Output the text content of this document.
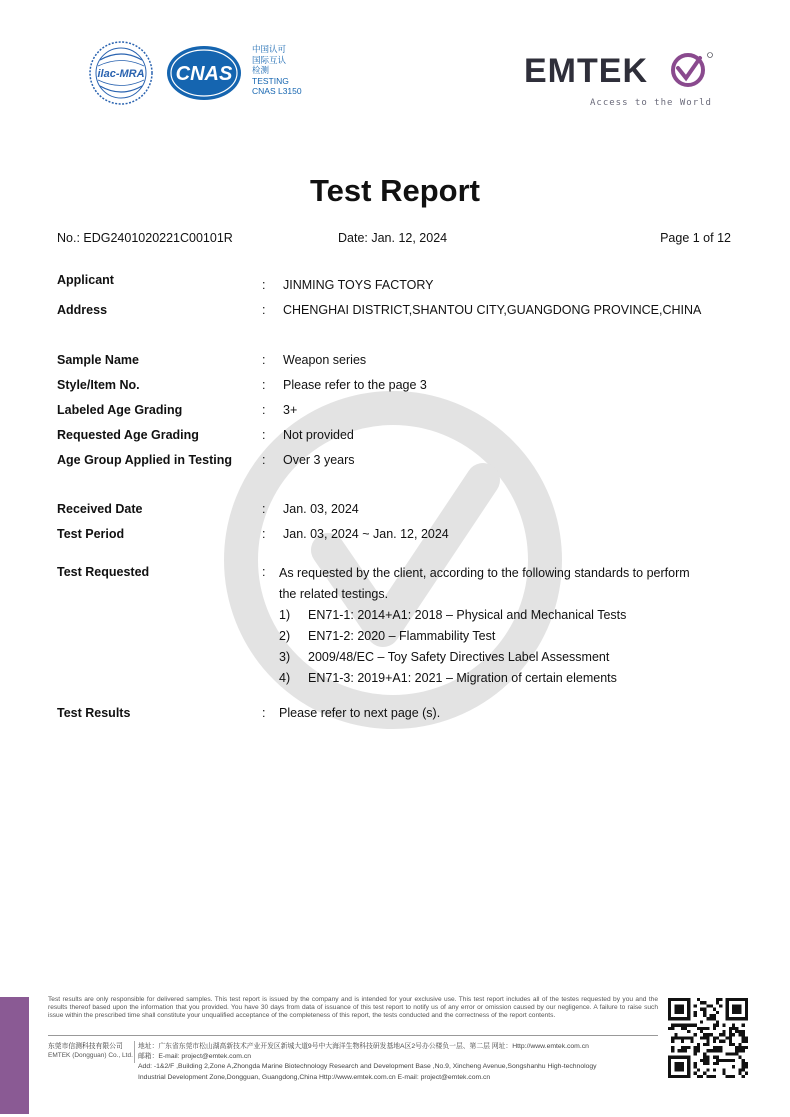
ilac-MRA CNAS
中国认可
国际互认
检测
TESTING
CNAS L3150
EMTEK
Access to the World
Test Report
No.: EDG2401020221C00101R	Date: Jan. 12, 2024	Page 1 of 12
Applicant	: JINMING TOYS FACTORY
Address	: CHENGHAI DISTRICT,SHANTOU CITY,GUANGDONG PROVINCE,CHINA
Sample Name	: Weapon series
Style/Item No.	: Please refer to the page 3
Labeled Age Grading	: 3+
Requested Age Grading	: Not provided
Age Group Applied in Testing : Over 3 years
Received Date	: Jan. 03, 2024
Test Period	: Jan. 03, 2024 ~ Jan. 12, 2024
Test Requested	: As requested by the client, according to the following standards to perform
the related testings.
1)	EN71-1: 2014+A1: 2018 – Physical and Mechanical Tests
2)	EN71-2: 2020 – Flammability Test
3)	2009/48/EC – Toy Safety Directives Label Assessment
4)	EN71-3: 2019+A1: 2021 – Migration of certain elements
Test Results	: Please refer to next page (s).
Test results are only responsible for delivered samples. This test report is issued by the company and is intended for your exclusive use. This test report includes all of the testes requested by you and the results thereof based upon the information that you provided. You have 30 days from data of issuance of this test report to notify us of any error or omission caused by our negligence. A failure to raise such issue within the prescribed time shall constitute your unqualified acceptance of the completeness of this report, the tests conducted and the correctness of the report contents.
东莞市信测科技有限公司
EMTEK (Dongguan) Co., Ltd.
地址：广东省东莞市松山湖高新技术产业开发区新城大道9号中大海洋生物科技研发基地A区2号办公楼负一层、第二层 网址：Http://www.emtek.com.cn
邮箱：E-mail: project@emtek.com.cn
Add: -1&2/F ,Building 2,Zone A,Zhongda Marine Biotechnology Research and Development Base ,No.9, Xincheng Avenue,Songshanhu High-technology
Industrial Development Zone,Dongguan, Guangdong,China Http://www.emtek.com.cn E-mail: project@emtek.com.cn
